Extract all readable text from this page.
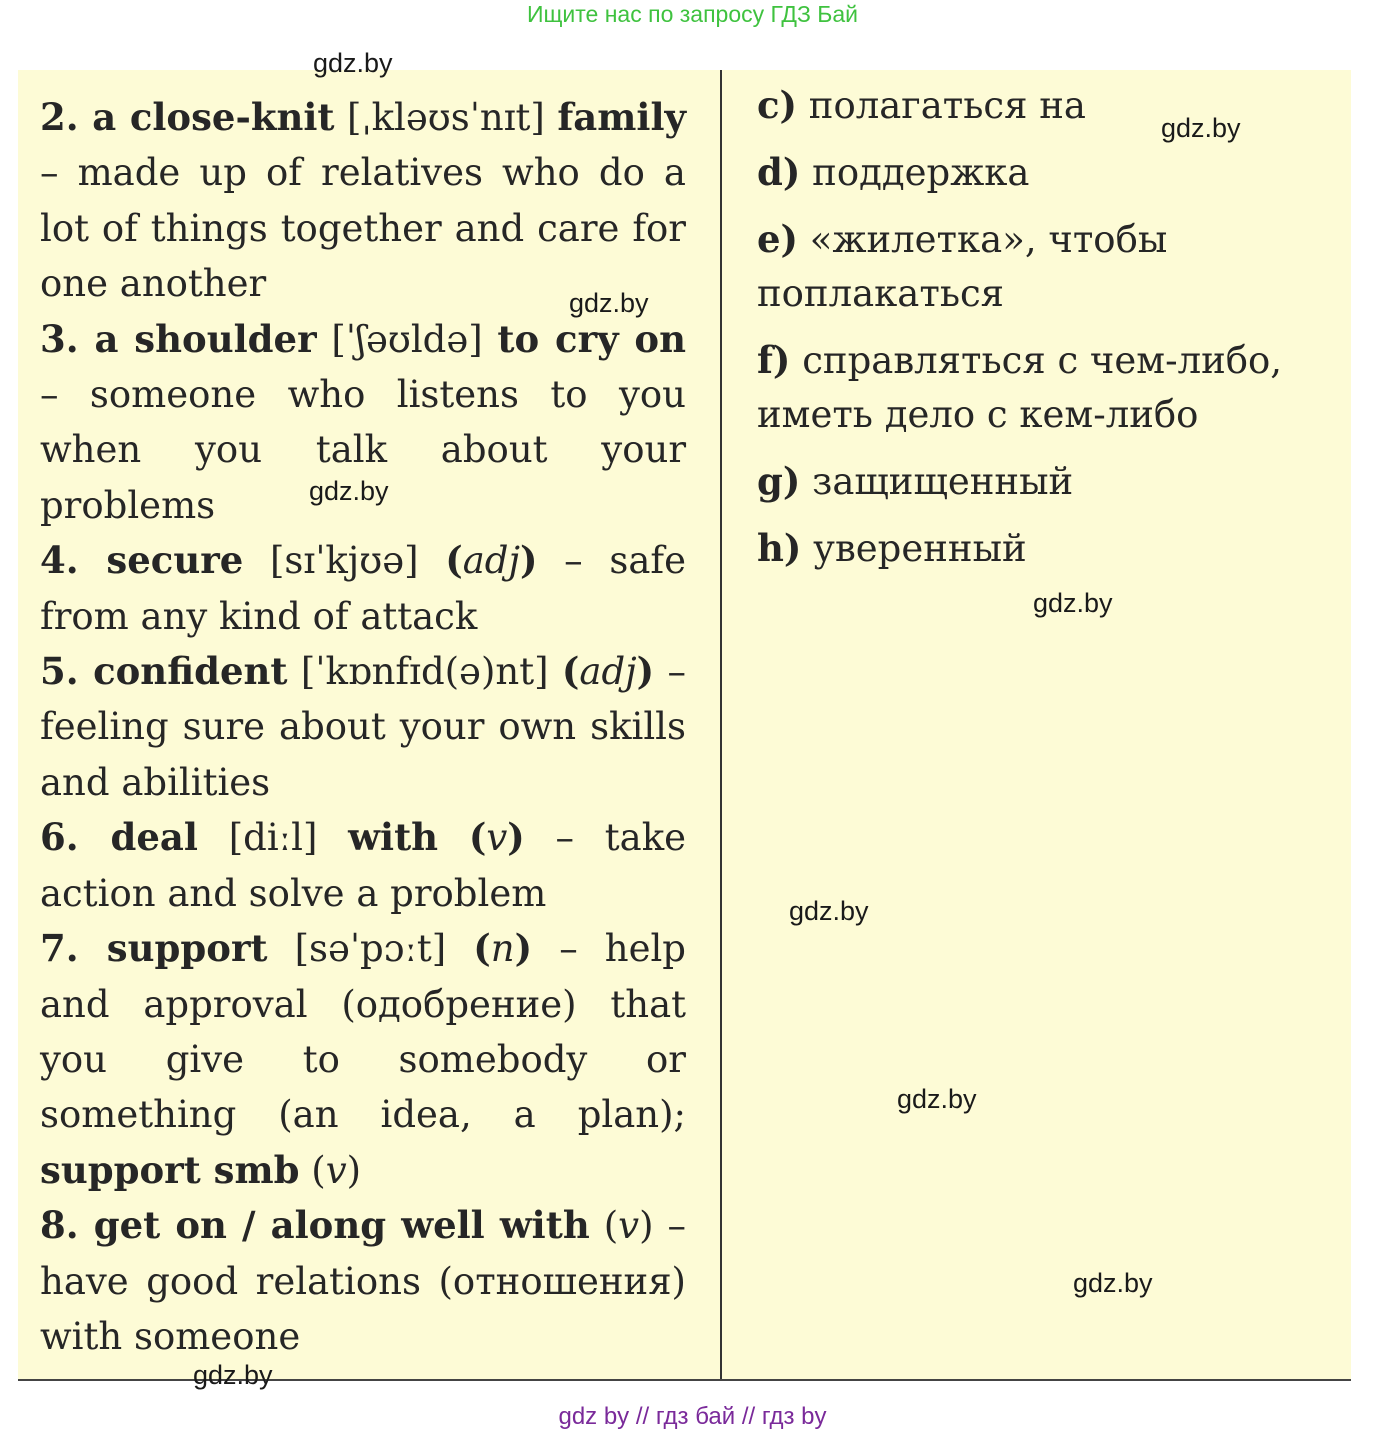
Ищите нас по запросу ГДЗ Бай

2. a close-knit [ˌkləʊsˈnɪt] family – made up of relatives who do a lot of things together and care for one another

3. a shoulder [ˈʃəʊldə] to cry on – someone who listens to you when you talk about your problems

4. secure [sɪˈkjʊə] (adj) – safe from any kind of attack

5. confident [ˈkɒnfɪd(ə)nt] (adj) – feeling sure about your own skills and abilities

6. deal [diːl] with (v) – take action and solve a problem

7. support [səˈpɔːt] (n) – help and approval (одобрение) that you give to somebody or something (an idea, a plan); support smb (v)

8. get on / along well with (v) – have good relations (отношения) with someone

c) полагаться на

d) поддержка

e) «жилетка», чтобы поплакаться

f) справляться с чем-либо, иметь дело с кем-либо

g) защищенный

h) уверенный

gdz.by
gdz.by
gdz.by
gdz.by
gdz.by
gdz.by
gdz.by
gdz.by
gdz.by
gdz by // гдз бай // гдз by
